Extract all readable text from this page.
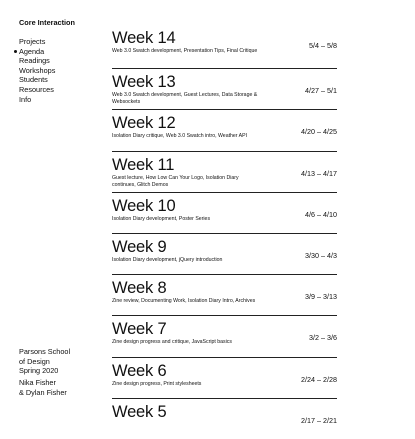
Core Interaction
Projects
Agenda
Readings
Workshops
Students
Resources
Info
Parsons School
of Design
Spring 2020
Nika Fisher
& Dylan Fisher
Week 14
Web 3.0 Swatch development, Presentation Tips, Final Critique
5/4 – 5/8
Week 13
Web 3.0 Swatch development, Guest Lectures, Data Storage & Websockets
4/27 – 5/1
Week 12
Isolation Diary critique, Web 3.0 Swatch intro, Weather API	4/20 – 4/25
Week 11
Guest lecture, How Low Can Your Logo, Isolation Diary continues, Glitch Demos
4/13 – 4/17
Week 10
Isolation Diary development, Poster Series	4/6 – 4/10
Week 9
Isolation Diary development, jQuery introduction	3/30 – 4/3
Week 8
Zine review, Documenting Work, Isolation Diary Intro, Archives	3/9 – 3/13
Week 7
Zine design progress and critique, JavaScript basics	3/2 – 3/6
Week 6
Zine design progress, Print stylesheets	2/24 – 2/28
Week 5	2/17 – 2/21
